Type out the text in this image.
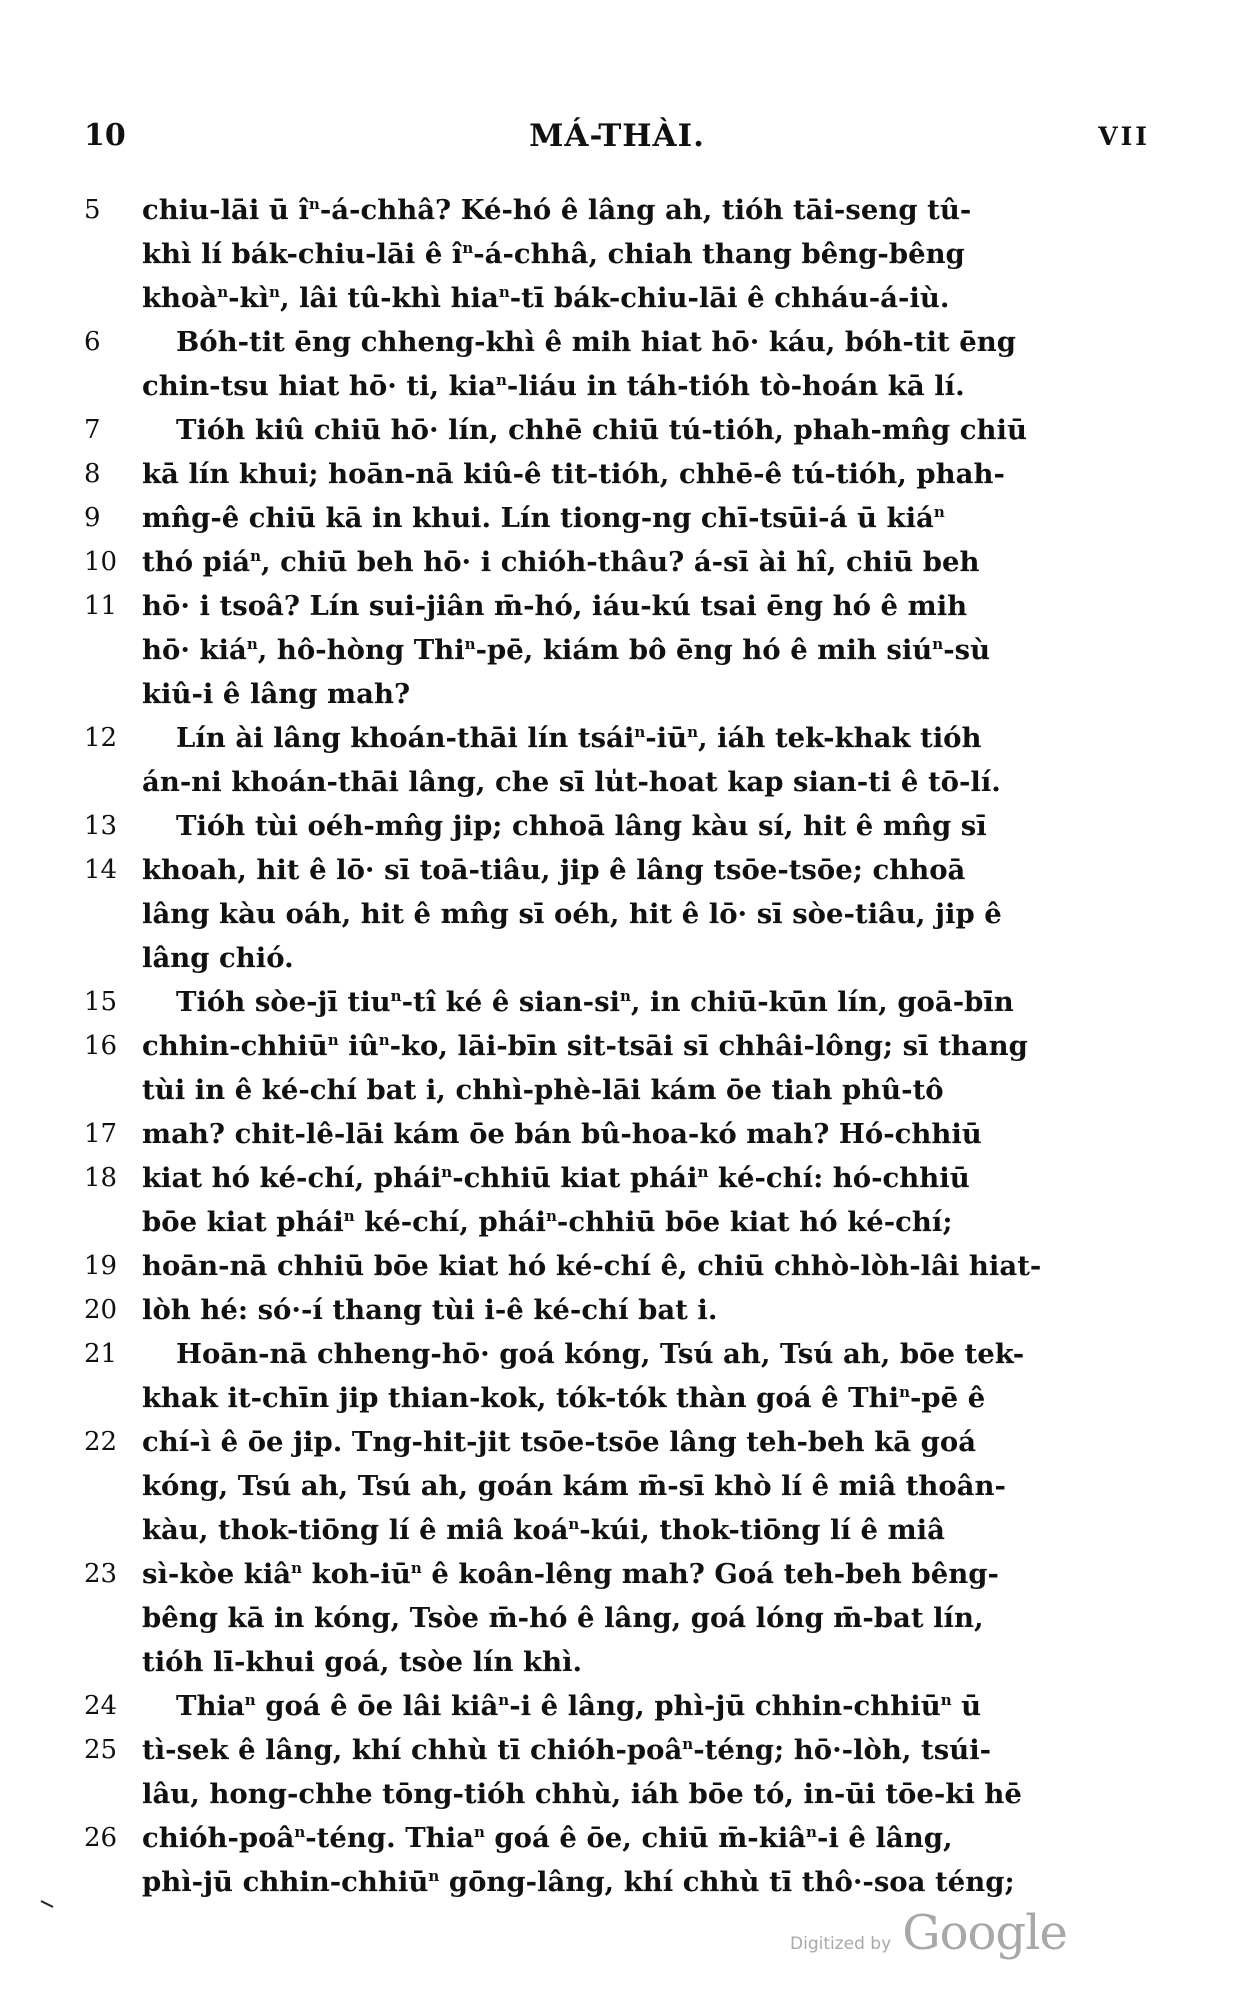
10	MÁ-THÀI.	VII
5	chiu-lāi ū $î^n-á$-chhâ? Ké-hó ê lâng ah, tióh tāi-seng tû-
khì lí bák-chiu-lāi ê $î^n-á$-chhâ, chiah thang bêng-bêng
$khoà^n-kì^n$, lâi tû-khì hia$^n$-tī bák-chiu-lāi ê chháu-á-iù.
6	Bóh-tit ēng chheng-khì ê mih hiat hō· káu, bóh-tit ēng
chin-tsu hiat hō· ti, kia$^n$-liáu in táh-tióh tò-hoán kā lí.
7	Tióh kiû chiū hō· lín, chhē chiū tú-tióh, phah-mn̂g chiū
8	kā lín khui; hoān-nā kiû-ê tit-tióh, chhē-ê tú-tióh, phah-
9	mn̂g-ê chiū kā in khui. Lín tiong-ng chī-tsūi-á ū kiá$^n$
10 thó piá$^n$, chiū beh hō· i chióh-thâu? á-sī ài hî, chiū beh
11 hō· i tsoâ? Lín sui-jiân m̄-hó, iáu-kú tsai ēng hó ê mih
hō· kiá$^n$, hô-hòng Thi$^n$-pē, kiám bô ēng hó ê mih siú$^n$-sù
kiû-i ê lâng mah?
12	Lín ài lâng khoán-thāi lín $tsái^n-iū^n$, iáh tek-khak tióh
án-ni khoán-thāi lâng, che sī lu̍t-hoat kap sian-ti ê tō-lí.
13	Tióh tùi oéh-mn̂g jip; chhoā lâng kàu sí, hit ê mn̂g sī
14 khoah, hit ê lō· sī toā-tiâu, jip ê lâng tsōe-tsōe; chhoā
lâng kàu oáh, hit ê mn̂g sī oéh, hit ê lō· sī sòe-tiâu, jip ê
lâng chió.
15	Tióh sòe-jī tiu$^n$-tî ké ê sian-$si^n$, in chiū-kūn lín, goā-bīn
16 chhin-chhiū$^n$ $iû^n-ko$, lāi-bīn sit-tsāi sī chhâi-lông; sī thang
tùi in ê ké-chí bat i, chhì-phè-lāi kám ōe tiah phû-tô
17 mah? chit-lê-lāi kám ōe bán bû-hoa-kó mah? Hó-chhiū
18 kiat hó ké-chí, phái$^n$-chhiū kiat phái$^n$ ké-chí: hó-chhiū
bōe kiat phái$^n$ ké-chí, phái$^n$-chhiū bōe kiat hó ké-chí;
19 hoān-nā chhiū bōe kiat hó ké-chí ê, chiū chhò-lòh-lâi hiat-
20 lòh hé: só·-í thang tùi i-ê ké-chí bat i.
21	Hoān-nā chheng-hō· goá kóng, Tsú ah, Tsú ah, bōe tek-
khak it-chīn jip thian-kok, tók-tók thàn goá ê Thi$^n$-pē ê
22 chí-ì ê ōe jip. Tng-hit-jit tsōe-tsōe lâng teh-beh kā goá
kóng, Tsú ah, Tsú ah, goán kám m̄-sī khò lí ê miâ thoân-
kàu, thok-tiōng lí ê miâ koá$^n$-kúi, thok-tiōng lí ê miâ
23 sì-kòe kiâ$^n$ koh-$iū^n$ ê koân-lêng mah? Goá teh-beh bêng-
bêng kā in kóng, Tsòe m̄-hó ê lâng, goá lóng m̄-bat lín,
tióh lī-khui goá, tsòe lín khì.
24	Thia$^n$ goá ê ōe lâi kiâ$^n$-i ê lâng, phì-jū chhin-chhiū$^n$ ū
25 tì-sek ê lâng, khí chhù tī chióh-poâ$^n$-téng; hō·-lòh, tsúi-
lâu, hong-chhe tōng-tióh chhù, iáh bōe tó, in-ūi tōe-ki hē
26 chióh-poâ$^n$-téng. Thia$^n$ goá ê ōe, chiū m̄-kiâ$^n$-i ê lâng,
phì-jū chhin-chhiū$^n$ gōng-lâng, khí chhù tī thô·-soa téng;
Digitized by Google
